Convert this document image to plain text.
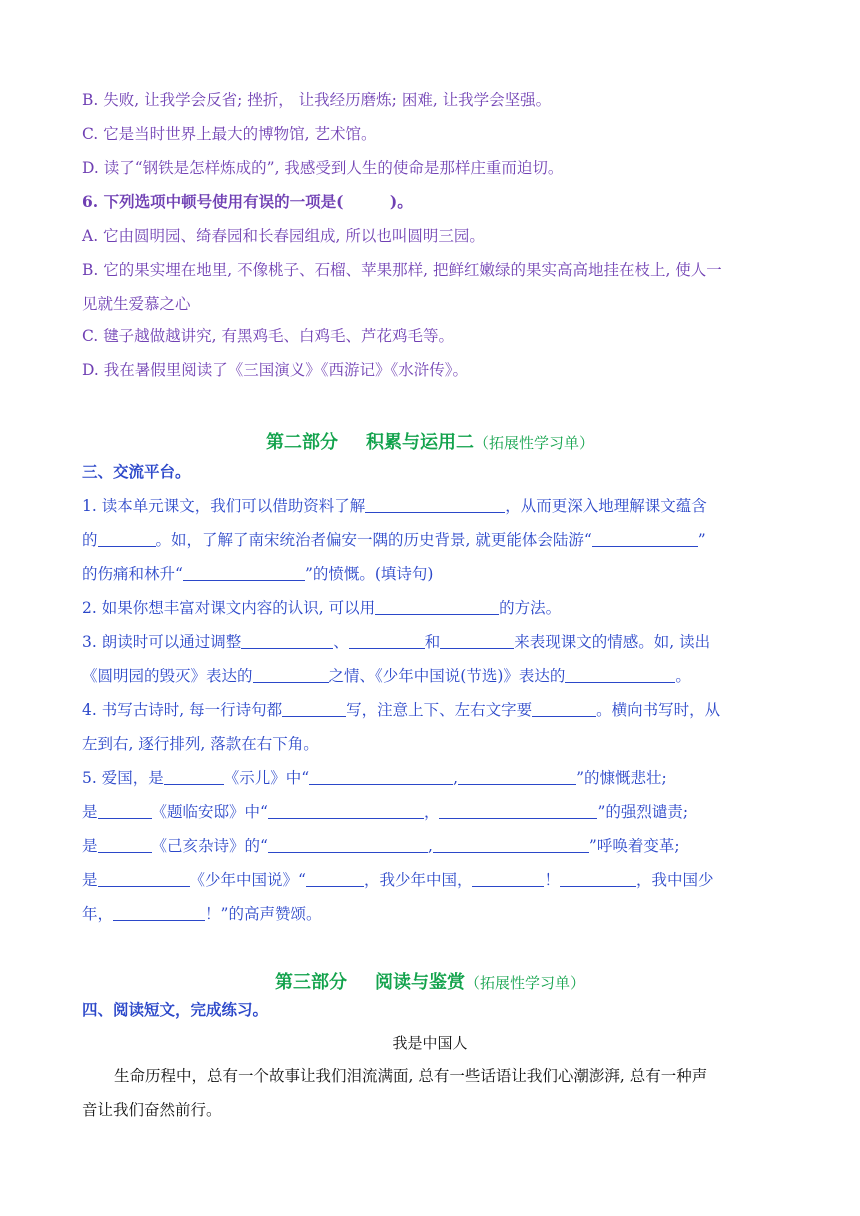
B. 失败, 让我学会反省; 挫折， 让我经历磨炼; 困难, 让我学会坚强。
C. 它是当时世界上最大的博物馆, 艺术馆。
D. 读了“钢铁是怎样炼成的”, 我感受到人生的使命是那样庄重而迫切。
6. 下列选项中顿号使用有误的一项是(　　　)。
A. 它由圆明园、绮春园和长春园组成, 所以也叫圆明三园。
B. 它的果实埋在地里, 不像桃子、石榴、苹果那样, 把鲜红嫩绿的果实高高地挂在枝上, 使人一
见就生爱慕之心
C. 毽子越做越讲究, 有黑鸡毛、白鸡毛、芦花鸡毛等。
D. 我在暑假里阅读了《三国演义》《西游记》《水浒传》。
第二部分 积累与运用二（拓展性学习单）
三、交流平台。
1. 读本单元课文，我们可以借助资料了解	，从而更深入地理解课文蕴含
的	。如，了解了南宋统治者偏安一隅的历史背景, 就更能体会陆游“	”
的伤痛和林升“	”的愤慨。(填诗句)
2. 如果你想丰富对课文内容的认识, 可以用	的方法。
3. 朗读时可以通过调整	、	和	来表现课文的情感。如, 读出
《圆明园的毁灭》表达的	之情、《少年中国说(节选)》表达的	。
4. 书写古诗时, 每一行诗句都	写，注意上下、左右文字要	。横向书写时，从
左到右, 逐行排列, 落款在右下角。
5. 爱国，是	《示儿》中“	,	”的慷慨悲壮;
是	《题临安邸》中“	，	”的强烈谴责;
是	《己亥杂诗》的“	,	”呼唤着变革;
是	《少年中国说》“	，我少年中国，	！	，我中国少
年，	！”的高声赞颂。
第三部分 阅读与鉴赏（拓展性学习单）
四、阅读短文，完成练习。
我是中国人
生命历程中，总有一个故事让我们泪流满面, 总有一些话语让我们心潮澎湃, 总有一种声
音让我们奋然前行。
